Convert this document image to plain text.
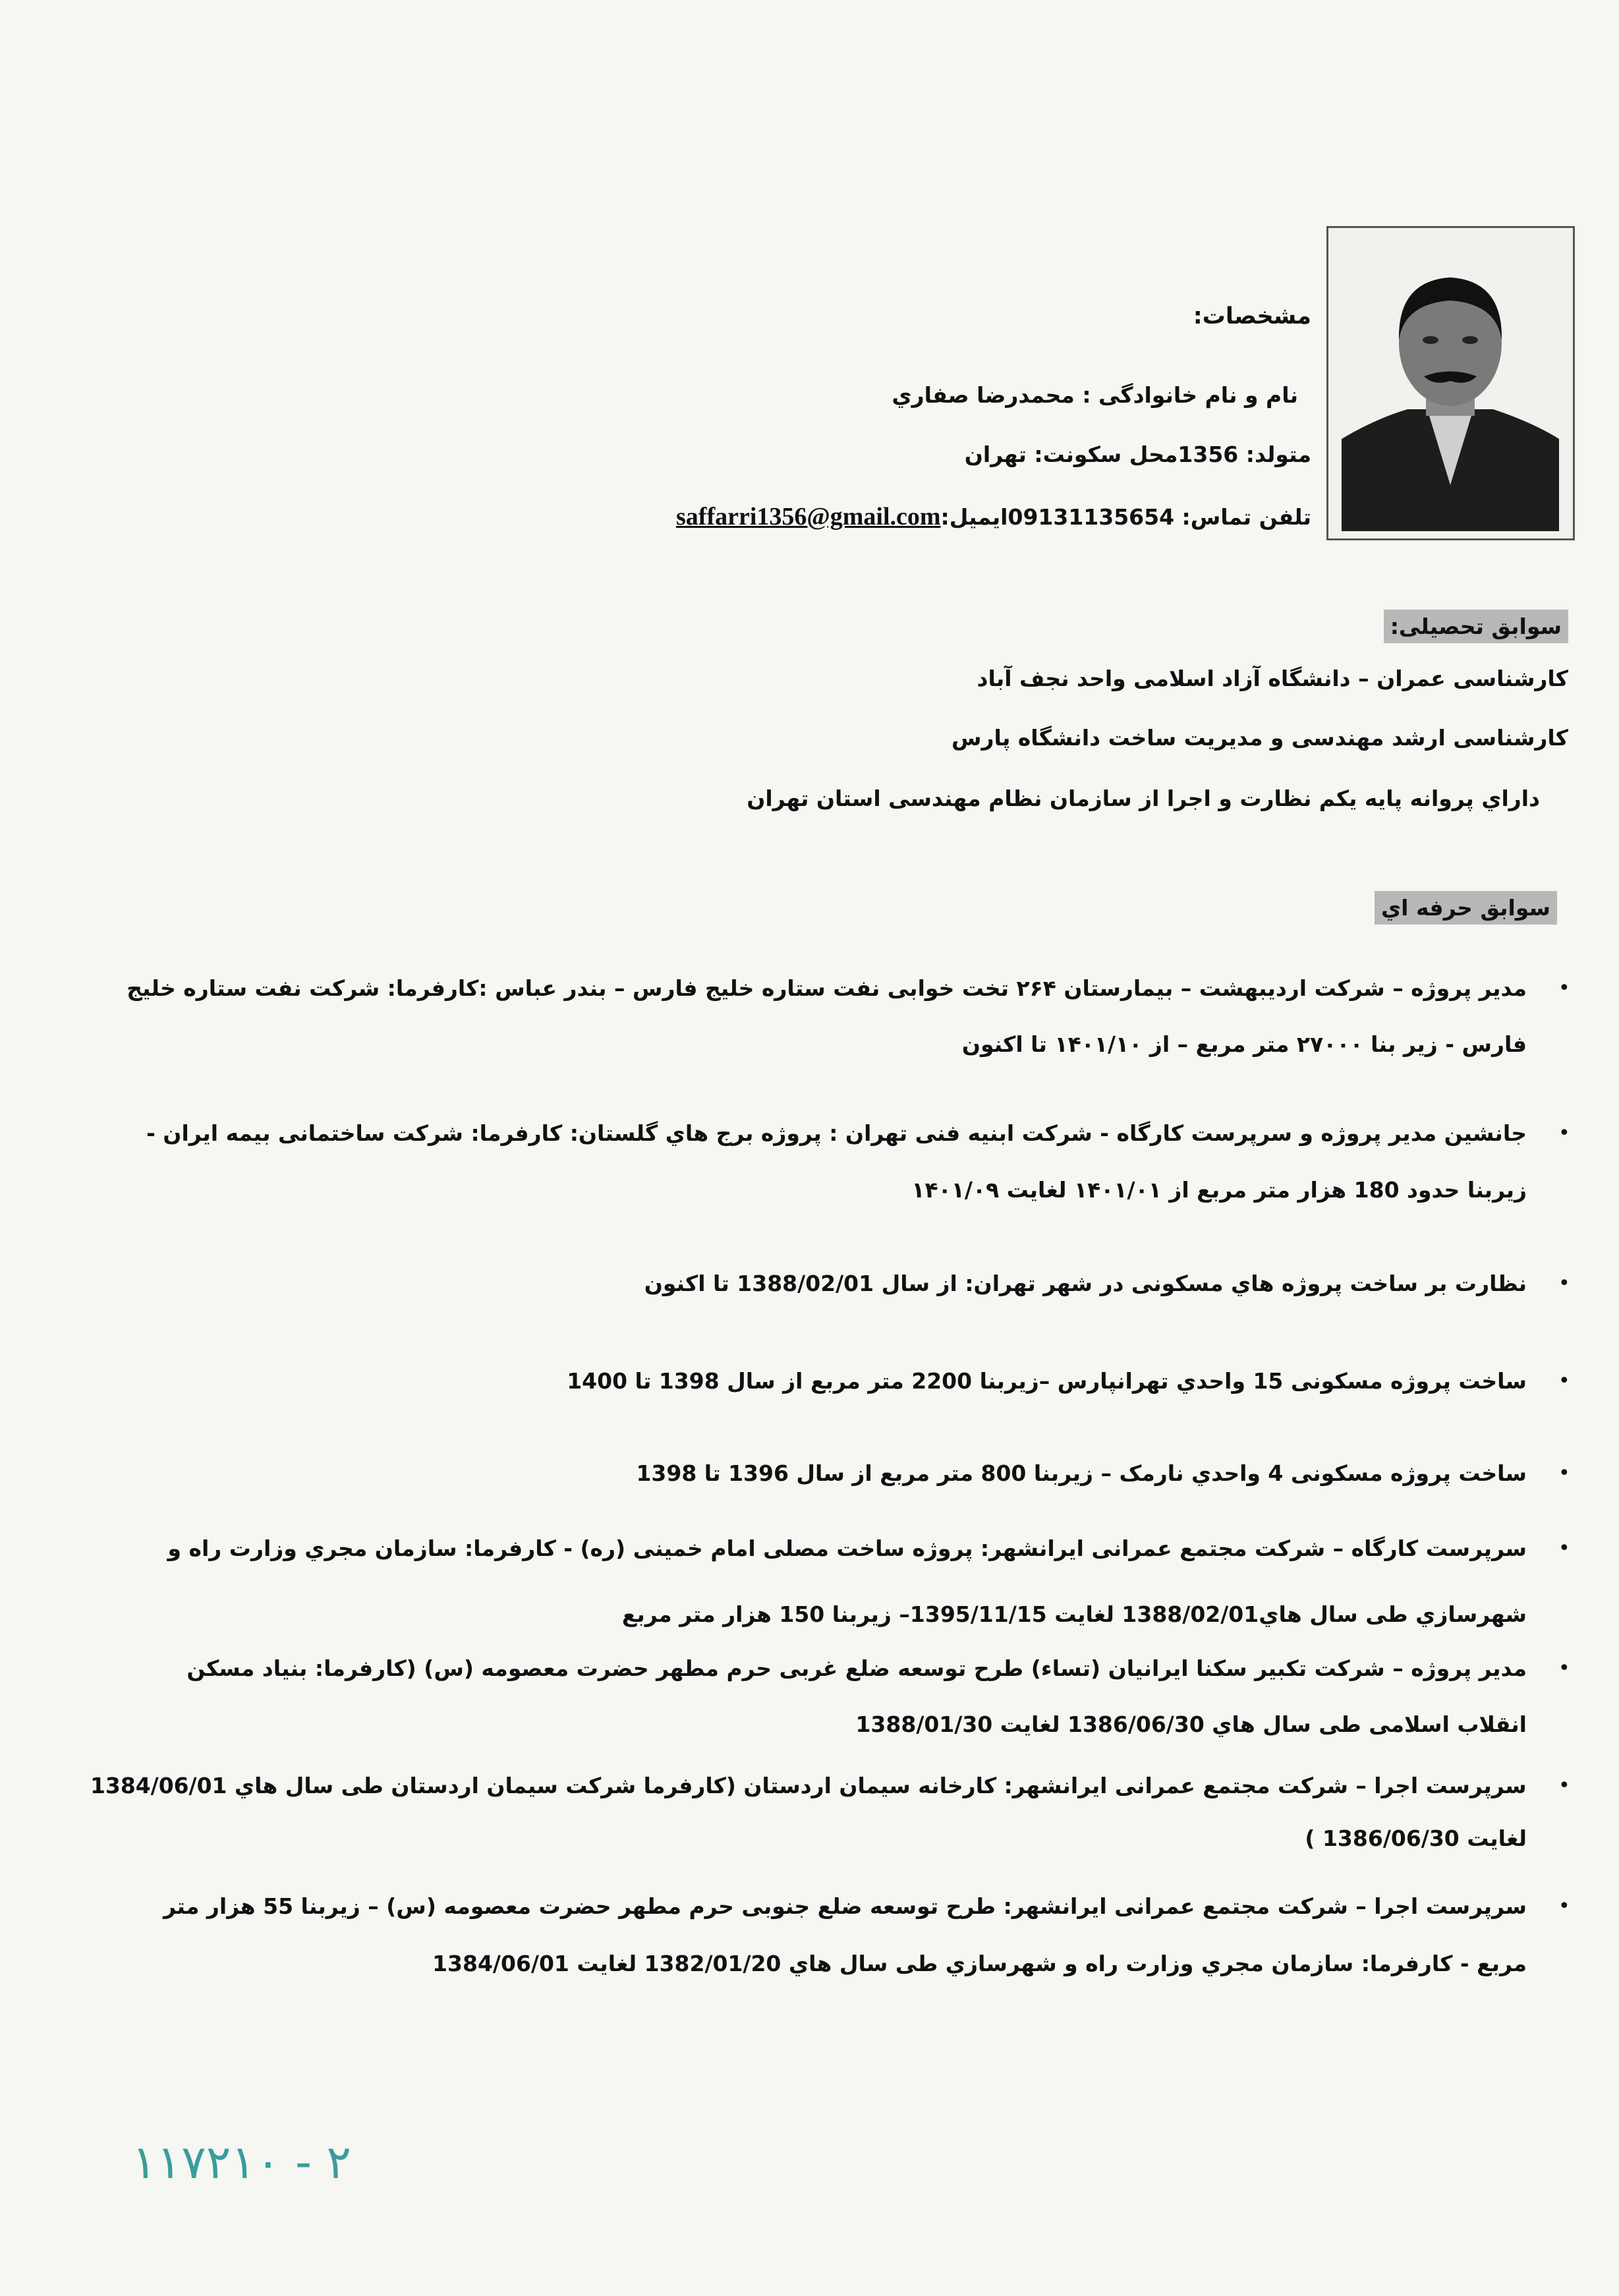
مشخصات:
نام و نام خانوادگی : محمدرضا صفاري
متولد: 1356محل سکونت: تهران
saffarri1356@gmail.com تلفن تماس: 09131135654ایمیل:
سوابق تحصیلی:
کارشناسی عمران – دانشگاه آزاد اسلامی واحد نجف آباد
کارشناسی ارشد مهندسی و مدیریت ساخت دانشگاه پارس
داراي پروانه پایه یکم نظارت و اجرا از سازمان نظام مهندسی استان تهران
سوابق حرفه اي
•
مدیر پروژه – شرکت اردیبهشت – بیمارستان ۲۶۴ تخت خوابی نفت ستاره خلیج فارس – بندر عباس :کارفرما: شرکت نفت ستاره خلیج
فارس - زیر بنا ۲۷۰۰۰ متر مربع – از ۱۴۰۱/۱۰ تا اکنون
•
جانشین مدیر پروژه و سرپرست کارگاه - شرکت ابنیه فنی تهران : پروژه برج هاي گلستان: کارفرما: شرکت ساختمانی بیمه ایران -
زیربنا حدود 180 هزار متر مربع از ۱۴۰۱/۰۱ لغایت ۱۴۰۱/۰۹
•
نظارت بر ساخت پروژه هاي مسکونی در شهر تهران: از سال 1388/02/01 تا اکنون
•
ساخت پروژه مسکونی 15 واحدي تهرانپارس –زیربنا 2200 متر مربع از سال 1398 تا 1400
•
ساخت پروژه مسکونی 4 واحدي نارمک – زیربنا 800 متر مربع از سال 1396 تا 1398
•
سرپرست کارگاه – شرکت مجتمع عمرانی ایرانشهر: پروژه ساخت مصلی امام خمینی (ره) - کارفرما: سازمان مجري وزارت راه و
شهرسازي طی سال هاي1388/02/01 لغایت 1395/11/15– زیربنا 150 هزار متر مربع
•
مدیر پروژه – شرکت تکبیر سکنا ایرانیان (تساء) طرح توسعه ضلع غربی حرم مطهر حضرت معصومه (س) (کارفرما: بنیاد مسکن
انقلاب اسلامی طی سال هاي 1386/06/30 لغایت 1388/01/30
•
سرپرست اجرا – شرکت مجتمع عمرانی ایرانشهر: کارخانه سیمان اردستان (کارفرما شرکت سیمان اردستان طی سال هاي 1384/06/01
لغایت 1386/06/30 )
•
سرپرست اجرا – شرکت مجتمع عمرانی ایرانشهر: طرح توسعه ضلع جنوبی حرم مطهر حضرت معصومه (س) – زیربنا 55 هزار متر
مربع - کارفرما: سازمان مجري وزارت راه و شهرسازي طی سال هاي 1382/01/20 لغایت 1384/06/01
۱۱۷۲۱۰ - ۲
